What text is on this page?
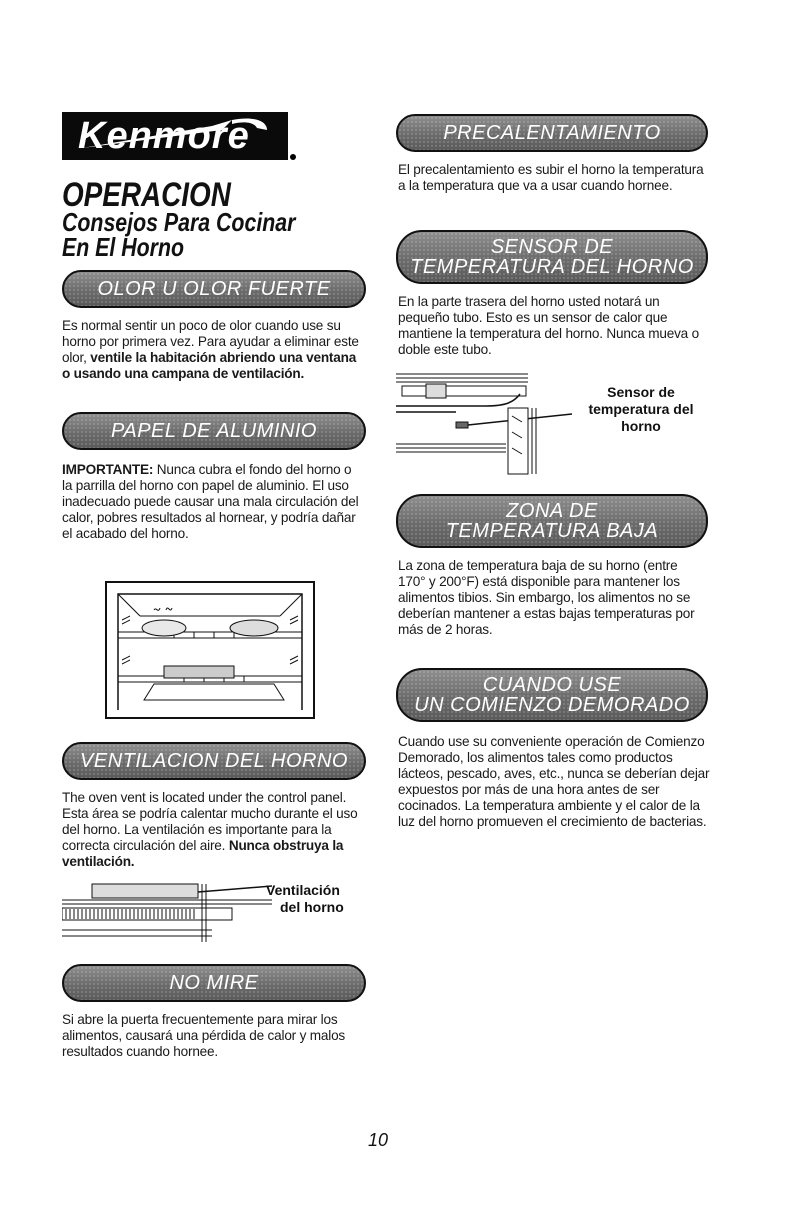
Kenmore
OPERACION
Consejos Para Cocinar
En El Horno
OLOR U OLOR FUERTE
Es normal sentir un poco de olor cuando use su horno por primera vez. Para ayudar a eliminar este olor, ventile la habitación abriendo una ventana o usando una campana de ventilación.
PAPEL DE ALUMINIO
IMPORTANTE: Nunca cubra el fondo del horno o la parrilla del horno con papel de aluminio. El uso inadecuado puede causar una mala circulación del calor, pobres resultados al hornear, y podría dañar el acabado del horno.
VENTILACION DEL HORNO
The oven vent is located under the control panel. Esta área se podría calentar mucho durante el uso del horno. La ventilación es importante para la correcta circulación del aire. Nunca obstruya la ventilación.
Ventilación
del horno
NO MIRE
Si abre la puerta frecuentemente para mirar los alimentos, causará una pérdida de calor y malos resultados cuando hornee.
PRECALENTAMIENTO
El precalentamiento es subir el horno la temperatura a la temperatura que va a usar cuando hornee.
SENSOR DE
TEMPERATURA DEL HORNO
En la parte trasera del horno usted notará un pequeño tubo. Esto es un sensor de calor que mantiene la temperatura del horno. Nunca mueva o doble este tubo.
Sensor de
temperatura del
horno
ZONA DE
TEMPERATURA BAJA
La zona de temperatura baja de su horno (entre 170° y 200°F) está disponible para mantener los alimentos tibios. Sin embargo, los alimentos no se deberían mantener a estas bajas temperaturas por más de 2 horas.
CUANDO USE
UN COMIENZO DEMORADO
Cuando use su conveniente operación de Comienzo Demorado, los alimentos tales como productos lácteos, pescado, aves, etc., nunca se deberían dejar expuestos por más de una hora antes de ser cocinados. La temperatura ambiente y el calor de la luz del horno promueven el crecimiento de bacterias.
10
